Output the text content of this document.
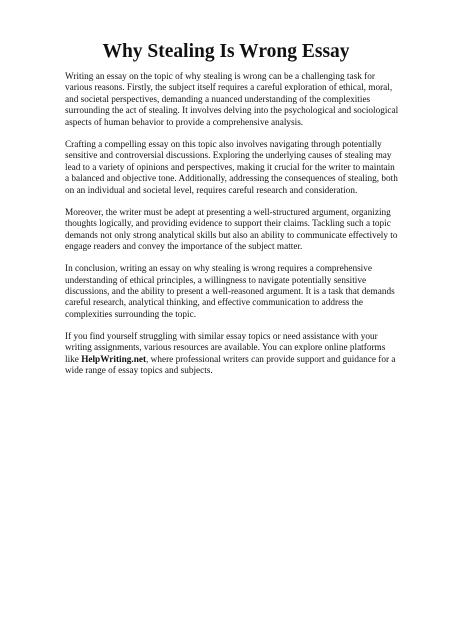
Why Stealing Is Wrong Essay

Writing an essay on the topic of why stealing is wrong can be a challenging task for various reasons. Firstly, the subject itself requires a careful exploration of ethical, moral, and societal perspectives, demanding a nuanced understanding of the complexities surrounding the act of stealing. It involves delving into the psychological and sociological aspects of human behavior to provide a comprehensive analysis.

Crafting a compelling essay on this topic also involves navigating through potentially sensitive and controversial discussions. Exploring the underlying causes of stealing may lead to a variety of opinions and perspectives, making it crucial for the writer to maintain a balanced and objective tone. Additionally, addressing the consequences of stealing, both on an individual and societal level, requires careful research and consideration.

Moreover, the writer must be adept at presenting a well-structured argument, organizing thoughts logically, and providing evidence to support their claims. Tackling such a topic demands not only strong analytical skills but also an ability to communicate effectively to engage readers and convey the importance of the subject matter.

In conclusion, writing an essay on why stealing is wrong requires a comprehensive understanding of ethical principles, a willingness to navigate potentially sensitive discussions, and the ability to present a well-reasoned argument. It is a task that demands careful research, analytical thinking, and effective communication to address the complexities surrounding the topic.

If you find yourself struggling with similar essay topics or need assistance with your writing assignments, various resources are available. You can explore online platforms like HelpWriting.net, where professional writers can provide support and guidance for a wide range of essay topics and subjects.
